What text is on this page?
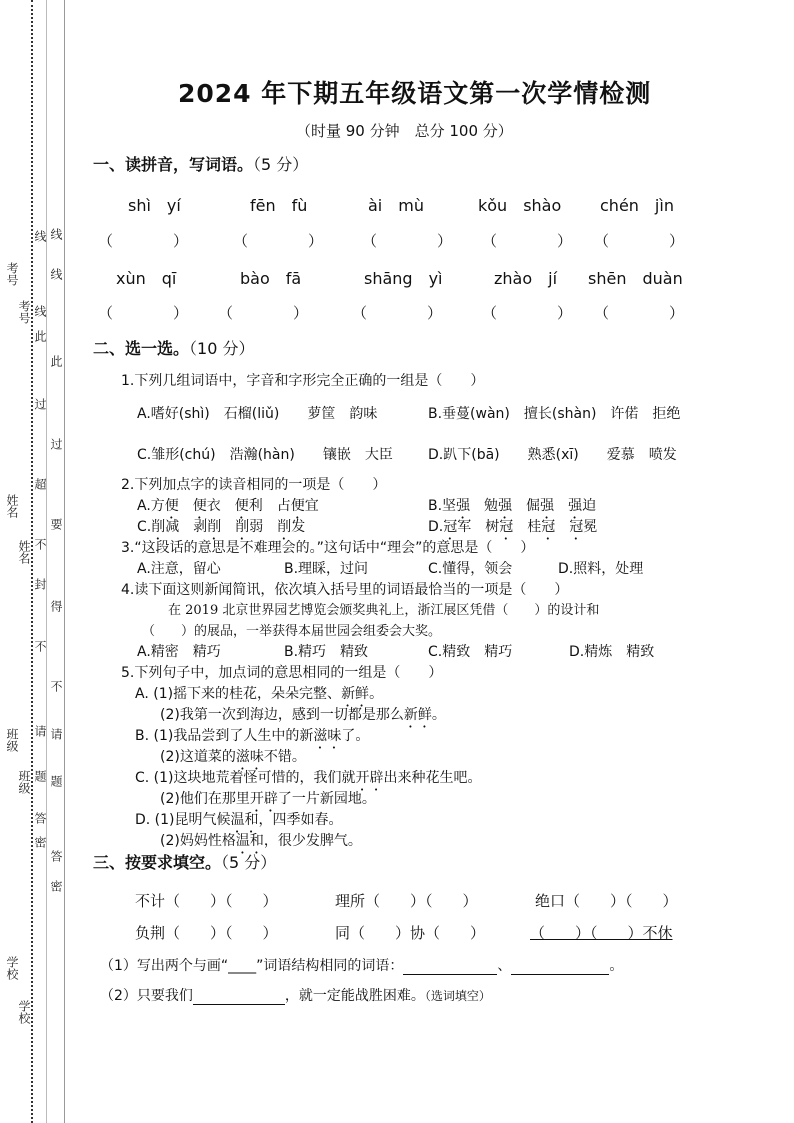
考号
考号
姓名
姓名
班级
班级
学校
学校
线 线
线
线
此
此
过
过
超
要
不
封
得
不
不
请 请
题 题
答
密
答
密
2024 年下期五年级语文第一次学情检测
（时量 90 分钟　总分 100 分）
一、读拼音，写词语。（5 分）
shì　yí	fēn　fù	ài　mù	kǒu　shào chén　jìn
（　　　　）	（　　　　）	（　　　　） （　　　　） （　　　　）
xùn　qī	bào　fā	shāng　yì	zhào　jí shēn　duàn
（　　　　） （　　　　）	（　　　　）	（　　　　） （　　　　）
二、选一选。（10 分）
1.下列几组词语中，字音和字形完全正确的一组是（　　）
A.嗜好(shì)　石榴(liǔ)　　萝筐　韵味	B.垂蔓(wàn)　擅长(shàn)　许偌　拒绝
C.雏形(chú)　浩瀚(hàn)　　镶嵌　大臣	D.趴下(bā)　　熟悉(xī)　　爱慕　喷发
2.下列加点字的读音相同的一项是（　　）
A.方便　 便衣　便利　占便宜	B.坚强　勉强　倔强　 强迫
C.削减　剥削　 削弱　削发	D.冠军　树冠　桂冠　 冠冕
3.“这段话的意思是不难理会的。”这句话中“理会”的意思是（　　）
A.注意，留心	B.理睬，过问	C.懂得，领会	D.照料，处理
4.读下面这则新闻简讯，依次填入括号里的词语最恰当的一项是（　　）
在 2019 北京世界园艺博览会颁奖典礼上，浙江展区凭借（　　）的设计和
（　　）的展品，一举获得本届世园会组委会大奖。
A.精密　精巧	B.精巧　精致	C.精致　精巧	D.精炼　精致
5.下列句子中，加点词的意思相同的一组是（　　）
A. (1)摇下来的桂花，朵朵完整、新鲜。
(2)我第一次到海边，感到一切都是那么新鲜。
B. (1)我品尝到了人生中的新滋味了。
(2)这道菜的滋味不错。
C. (1)这块地荒着怪可惜的，我们就开辟出来种花生吧。
(2)他们在那里开辟了一片新园地。
D. (1)昆明气候温和，四季如春。
(2)妈妈性格温和，很少发脾气。
三、按要求填空。（5 分）
不计（　　）（　　）	理所（　　）（　　）	绝口（　　）（　　）
负荆（　　）（　　）	同（　　）协（　　）	（　　）（　　）不休
（1）写出两个与画“____”词语结构相同的词语：	、	。
（2）只要我们	，就一定能战胜困难。（选词填空）
